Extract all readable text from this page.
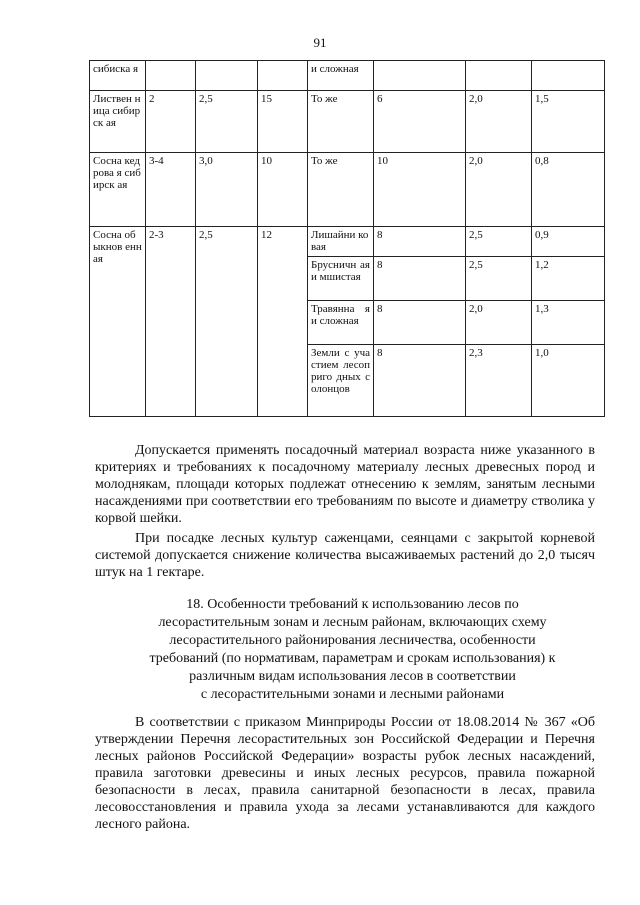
91
сибиска я				и сложная			
Листвен ница сибирск ая	2	2,5	15	То же	6	2,0	1,5
Сосна кедрова я сибирск ая	3-4	3,0	10	То же	10	2,0	0,8
Сосна обыкнов енная	2-3	2,5	12	Лишайни ковая	8	2,5	0,9
				Брусничн ая и мшистая	8	2,5	1,2
				Травянна я и сложная	8	2,0	1,3
				Земли с участием лесоприго дных солонцов	8	2,3	1,0
Допускается применять посадочный материал возраста ниже указанного в критериях и требованиях к посадочному материалу лесных древесных пород и молоднякам, площади которых подлежат отнесению к землям, занятым лесными насаждениями при соответствии его требованиям по высоте и диаметру стволика у корвой шейки.
При посадке лесных культур саженцами, сеянцами с закрытой корневой системой допускается снижение количества высаживаемых растений до 2,0 тысяч штук на 1 гектаре.
18. Особенности требований к использованию лесов по
лесорастительным зонам и лесным районам, включающих схему
лесорастительного районирования лесничества, особенности
требований (по нормативам, параметрам и срокам использования) к
различным видам использования лесов в соответствии
с лесорастительными зонами и лесными районами
В соответствии с приказом Минприроды России от 18.08.2014 № 367 «Об утверждении Перечня лесорастительных зон Российской Федерации и Перечня лесных районов Российской Федерации» возрасты рубок лесных насаждений, правила заготовки древесины и иных лесных ресурсов, правила пожарной безопасности в лесах, правила санитарной безопасности в лесах, правила лесовосстановления и правила ухода за лесами устанавливаются для каждого лесного района.
